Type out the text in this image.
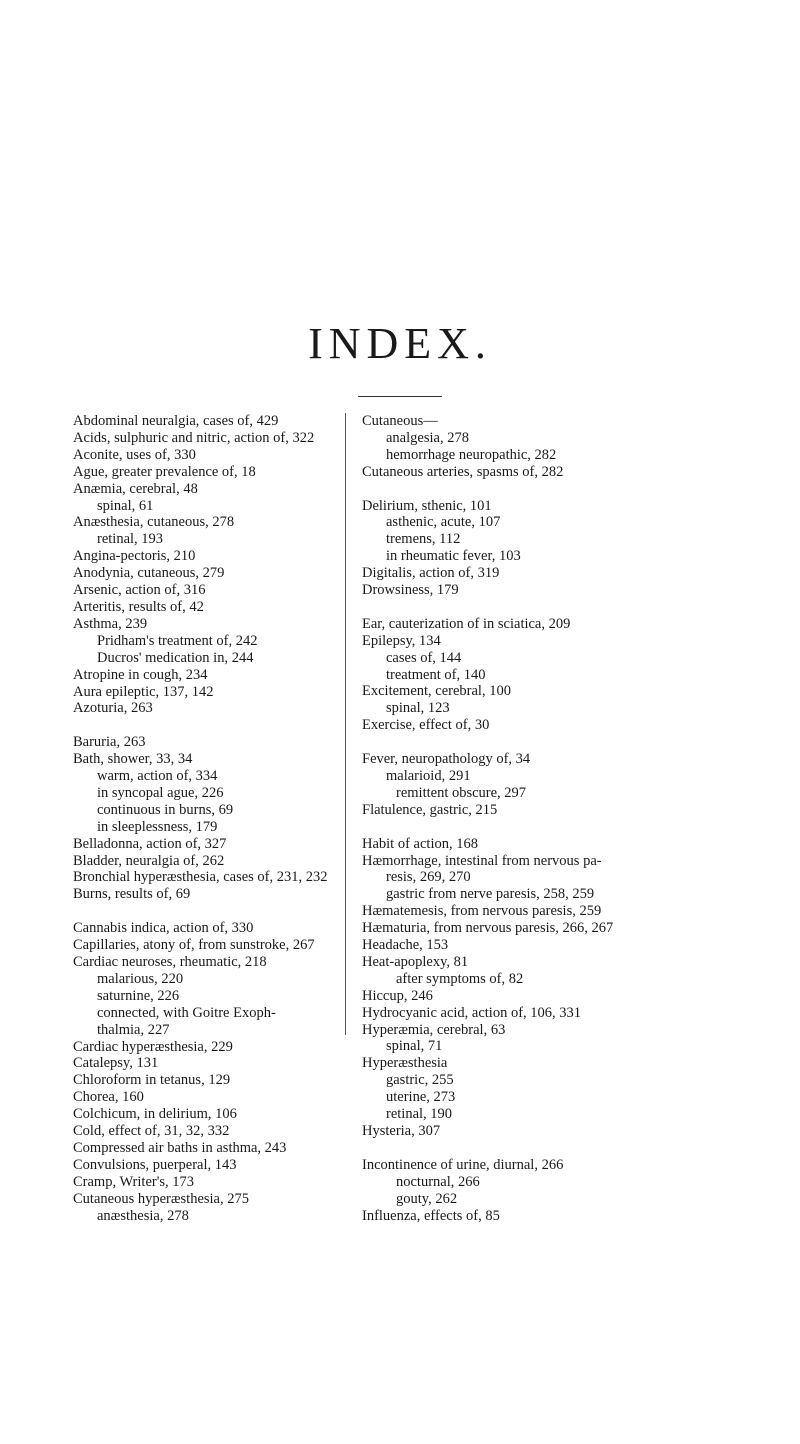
INDEX.
Abdominal neuralgia, cases of, 429
Acids, sulphuric and nitric, action of, 322
Aconite, uses of, 330
Ague, greater prevalence of, 18
Anæmia, cerebral, 48
spinal, 61
Anæsthesia, cutaneous, 278
retinal, 193
Angina-pectoris, 210
Anodynia, cutaneous, 279
Arsenic, action of, 316
Arteritis, results of, 42
Asthma, 239
Pridham's treatment of, 242
Ducros' medication in, 244
Atropine in cough, 234
Aura epileptic, 137, 142
Azoturia, 263
Baruria, 263
Bath, shower, 33, 34
warm, action of, 334
in syncopal ague, 226
continuous in burns, 69
in sleeplessness, 179
Belladonna, action of, 327
Bladder, neuralgia of, 262
Bronchial hyperæsthesia, cases of, 231, 232
Burns, results of, 69
Cannabis indica, action of, 330
Capillaries, atony of, from sunstroke, 267
Cardiac neuroses, rheumatic, 218
malarious, 220
saturnine, 226
connected, with Goitre Exoph-
thalmia, 227
Cardiac hyperæsthesia, 229
Catalepsy, 131
Chloroform in tetanus, 129
Chorea, 160
Colchicum, in delirium, 106
Cold, effect of, 31, 32, 332
Compressed air baths in asthma, 243
Convulsions, puerperal, 143
Cramp, Writer's, 173
Cutaneous hyperæsthesia, 275
anæsthesia, 278
Cutaneous—
analgesia, 278
hemorrhage neuropathic, 282
Cutaneous arteries, spasms of, 282
Delirium, sthenic, 101
asthenic, acute, 107
tremens, 112
in rheumatic fever, 103
Digitalis, action of, 319
Drowsiness, 179
Ear, cauterization of in sciatica, 209
Epilepsy, 134
cases of, 144
treatment of, 140
Excitement, cerebral, 100
spinal, 123
Exercise, effect of, 30
Fever, neuropathology of, 34
malarioid, 291
remittent obscure, 297
Flatulence, gastric, 215
Habit of action, 168
Hæmorrhage, intestinal from nervous pa-
resis, 269, 270
gastric from nerve paresis, 258, 259
Hæmatemesis, from nervous paresis, 259
Hæmaturia, from nervous paresis, 266, 267
Headache, 153
Heat-apoplexy, 81
after symptoms of, 82
Hiccup, 246
Hydrocyanic acid, action of, 106, 331
Hyperæmia, cerebral, 63
spinal, 71
Hyperæsthesia
gastric, 255
uterine, 273
retinal, 190
Hysteria, 307
Incontinence of urine, diurnal, 266
nocturnal, 266
gouty, 262
Influenza, effects of, 85
